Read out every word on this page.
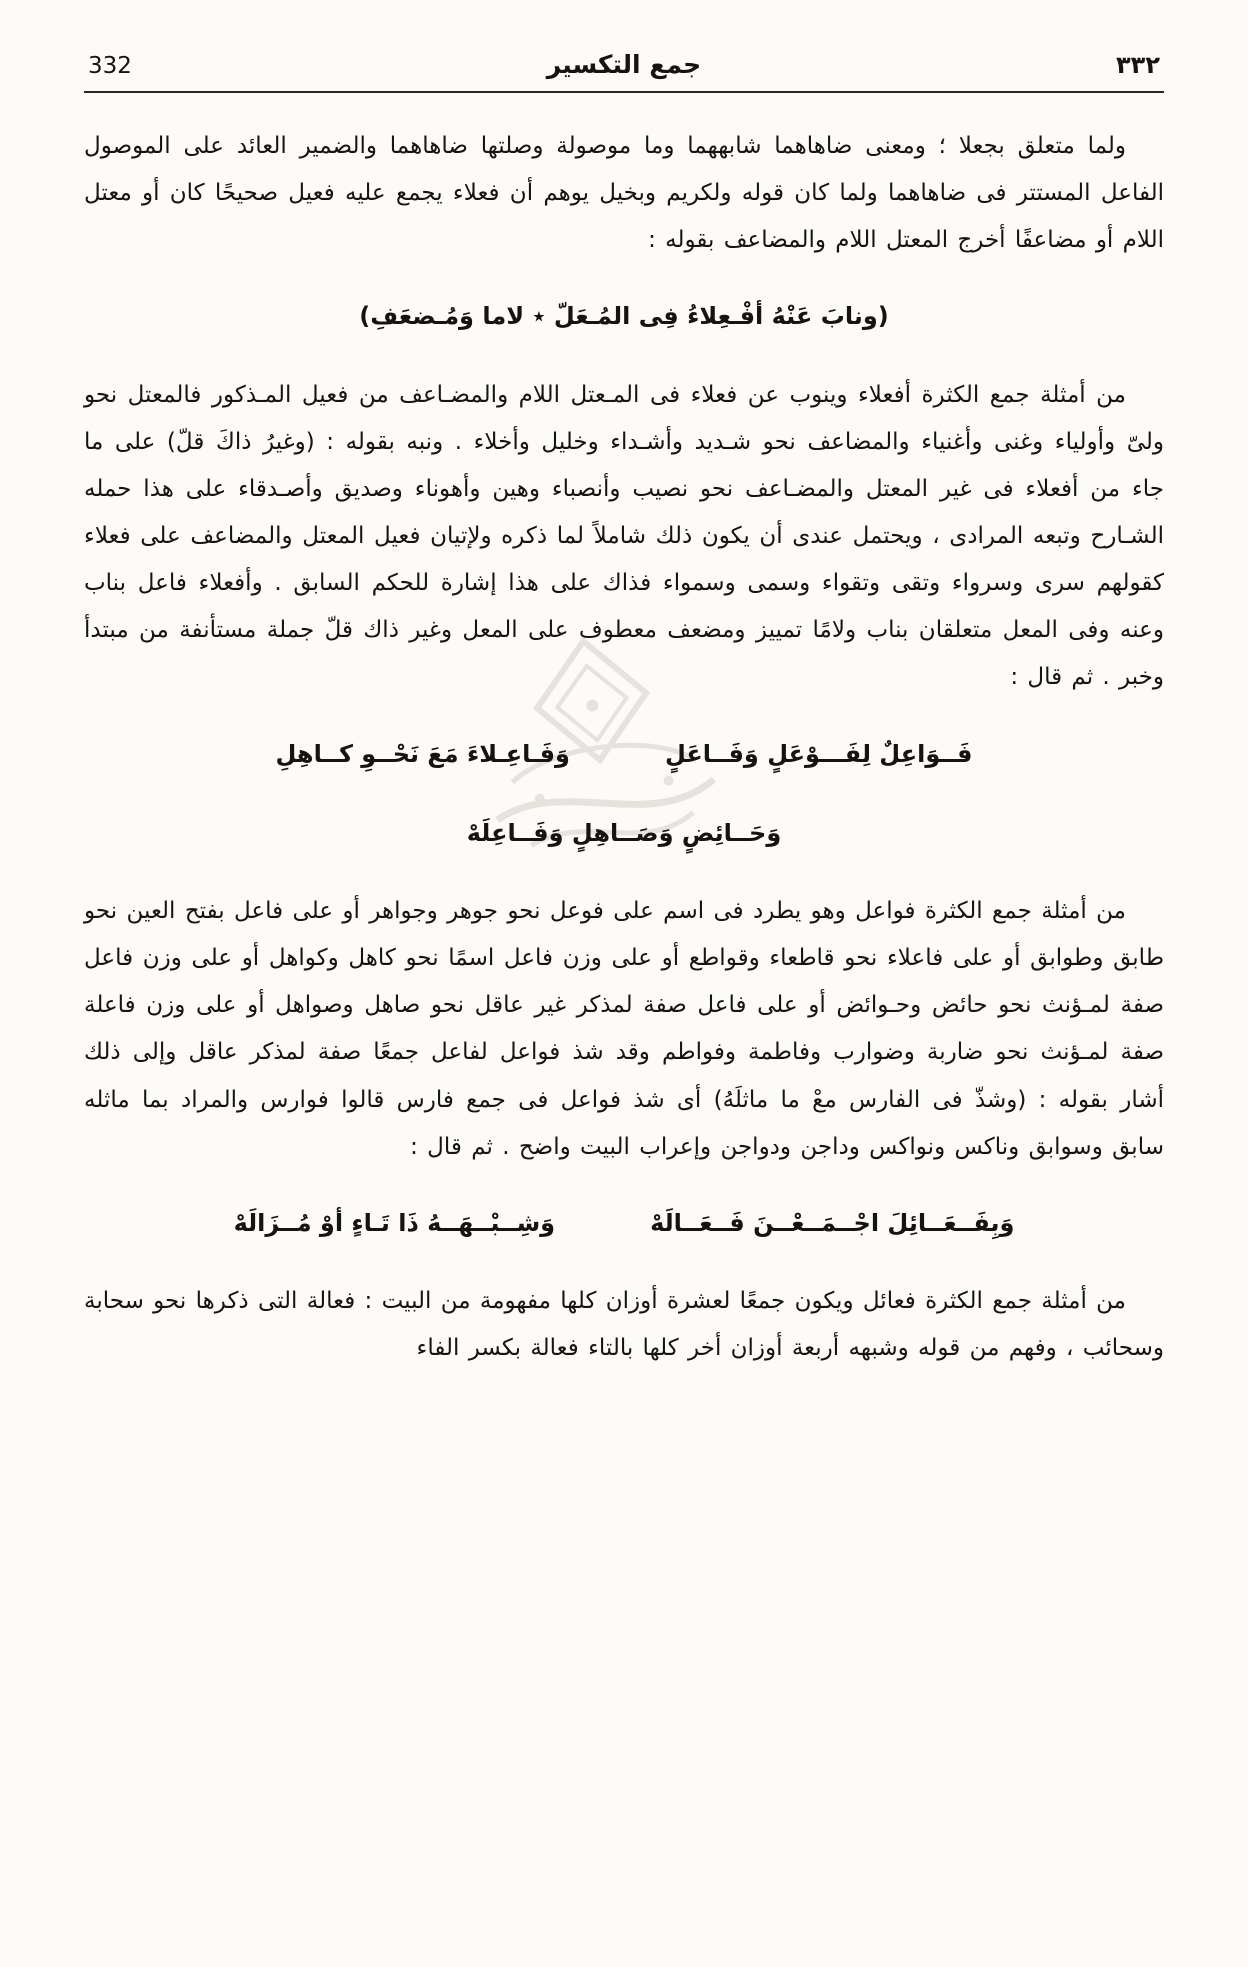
332	جمع التكسير	٣٣٢

ولما متعلق بجعلا ؛ ومعنى ضاهاهما شابههما وما موصولة وصلتها ضاهاهما والضمير العائد على الموصول الفاعل المستتر فى ضاهاهما ولما كان قوله ولكريم وبخيل يوهم أن فعلاء يجمع عليه فعيل صحيحًا كان أو معتل اللام أو مضاعفًا أخرج المعتل اللام والمضاعف بقوله :

(ونابَ عَنْهُ أفْـعِلاءُ فِى المُـعَلّ ٭ لاما وَمُـضعَفِ)

من أمثلة جمع الكثرة أفعلاء وينوب عن فعلاء فى المـعتل اللام والمضـاعف من فعيل المـذكور فالمعتل نحو ولىّ وأولياء وغنى وأغنياء والمضاعف نحو شـديد وأشـداء وخليل وأخلاء . ونبه بقوله : (وغيرُ ذاكَ قلّ) على ما جاء من أفعلاء فى غير المعتل والمضـاعف نحو نصيب وأنصباء وهين وأهوناء وصديق وأصـدقاء على هذا حمله الشـارح وتبعه المرادى ، ويحتمل عندى أن يكون ذلك شاملاً لما ذكره ولإتيان فعيل المعتل والمضاعف على فعلاء كقولهم سرى وسرواء وتقى وتقواء وسمى وسمواء فذاك على هذا إشارة للحكم السابق . وأفعلاء فاعل بناب وعنه وفى المعل متعلقان بناب ولامًا تمييز ومضعف معطوف على المعل وغير ذاك قلّ جملة مستأنفة من مبتدأ وخبر . ثم قال :

فَــوَاعِلٌ لِفَـــوْعَلٍ وَفَــاعَلٍ
وَفَـاعِـلاءَ مَعَ نَحْــوِ كــاهِلِ
وَحَــائِضٍ وَصَــاهِلٍ وَفَــاعِلَهْ

من أمثلة جمع الكثرة فواعل وهو يطرد فى اسم على فوعل نحو جوهر وجواهر أو على فاعل بفتح العين نحو طابق وطوابق أو على فاعلاء نحو قاطعاء وقواطع أو على وزن فاعل اسمًا نحو كاهل وكواهل أو على وزن فاعل صفة لمـؤنث نحو حائض وحـوائض أو على فاعل صفة لمذكر غير عاقل نحو صاهل وصواهل أو على وزن فاعلة صفة لمـؤنث نحو ضاربة وضوارب وفاطمة وفواطم وقد شذ فواعل لفاعل جمعًا صفة لمذكر عاقل وإلى ذلك أشار بقوله : (وشذّ فى الفارس معْ ما ماثلَهُ) أى شذ فواعل فى جمع فارس قالوا فوارس والمراد بما ماثله سابق وسوابق وناكس ونواكس وداجن ودواجن وإعراب البيت واضح . ثم قال :

وَبِفَــعَــائِلَ اجْــمَــعْــنَ فَــعَــالَهْ
وَشِــبْــهَــهُ ذَا تَـاءٍ أوْ مُــزَالَهْ

من أمثلة جمع الكثرة فعائل ويكون جمعًا لعشرة أوزان كلها مفهومة من البيت : فعالة التى ذكرها نحو سحابة وسحائب ، وفهم من قوله وشبهه أربعة أوزان أخر كلها بالتاء فعالة بكسر الفاء
